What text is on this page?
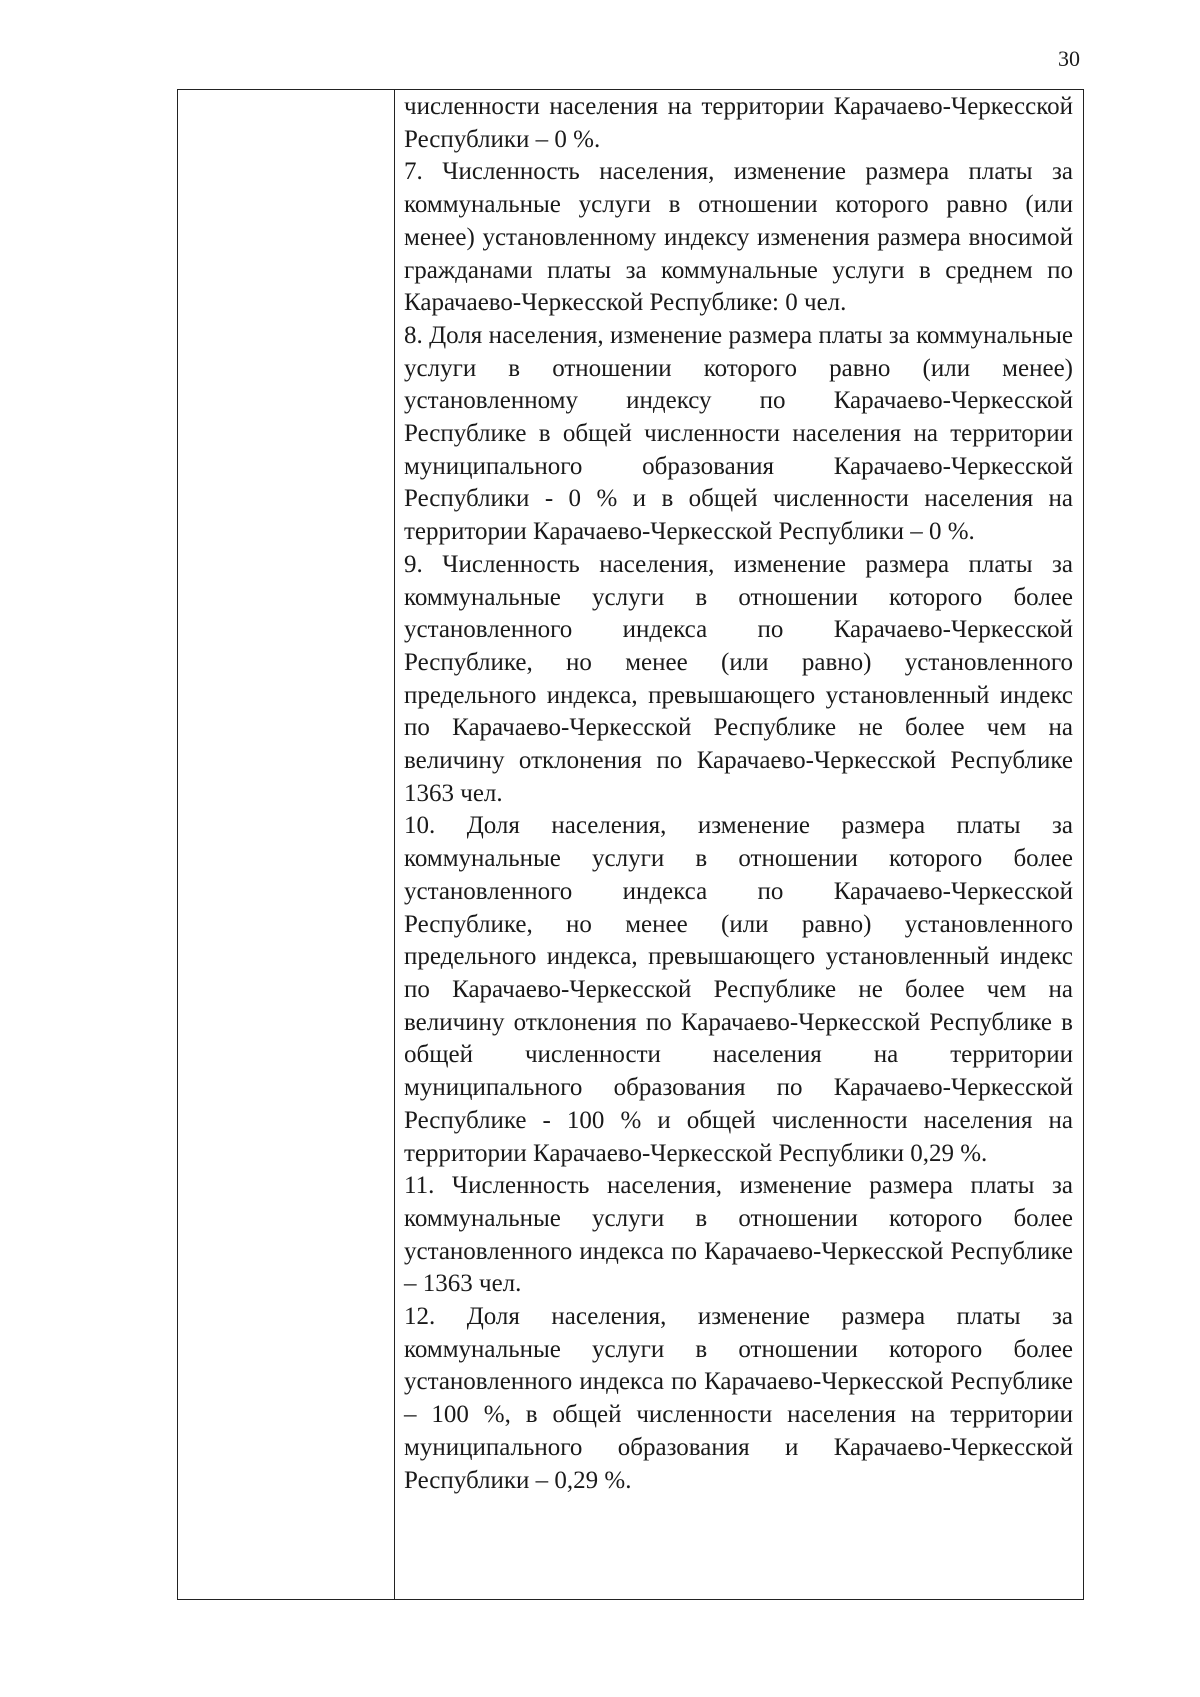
30

численности населения на территории Карачаево-Черкесской Республики – 0 %.

7. Численность населения, изменение размера платы за коммунальные услуги в отношении которого равно (или менее) установленному индексу изменения размера вносимой гражданами платы за коммунальные услуги в среднем по Карачаево-Черкесской Республике: 0 чел.

8. Доля населения, изменение размера платы за коммунальные услуги в отношении которого равно (или менее) установленному индексу по Карачаево-Черкесской Республике в общей численности населения на территории муниципального образования Карачаево-Черкесской Республики - 0 % и в общей численности населения на территории Карачаево-Черкесской Республики – 0 %.

9. Численность населения, изменение размера платы за коммунальные услуги в отношении которого более установленного индекса по Карачаево-Черкесской Республике, но менее (или равно) установленного предельного индекса, превышающего установленный индекс по Карачаево-Черкесской Республике не более чем на величину отклонения по Карачаево-Черкесской Республике 1363 чел.

10. Доля населения, изменение размера платы за коммунальные услуги в отношении которого более установленного индекса по Карачаево-Черкесской Республике, но менее (или равно) установленного предельного индекса, превышающего установленный индекс по Карачаево-Черкесской Республике не более чем на величину отклонения по Карачаево-Черкесской Республике в общей численности населения на территории муниципального образования по Карачаево-Черкесской Республике - 100 % и общей численности населения на территории Карачаево-Черкесской Республики 0,29 %.

11. Численность населения, изменение размера платы за коммунальные услуги в отношении которого более установленного индекса по Карачаево-Черкесской Республике – 1363 чел.

12. Доля населения, изменение размера платы за коммунальные услуги в отношении которого более установленного индекса по Карачаево-Черкесской Республике – 100 %, в общей численности населения на территории муниципального образования и Карачаево-Черкесской Республики – 0,29 %.
